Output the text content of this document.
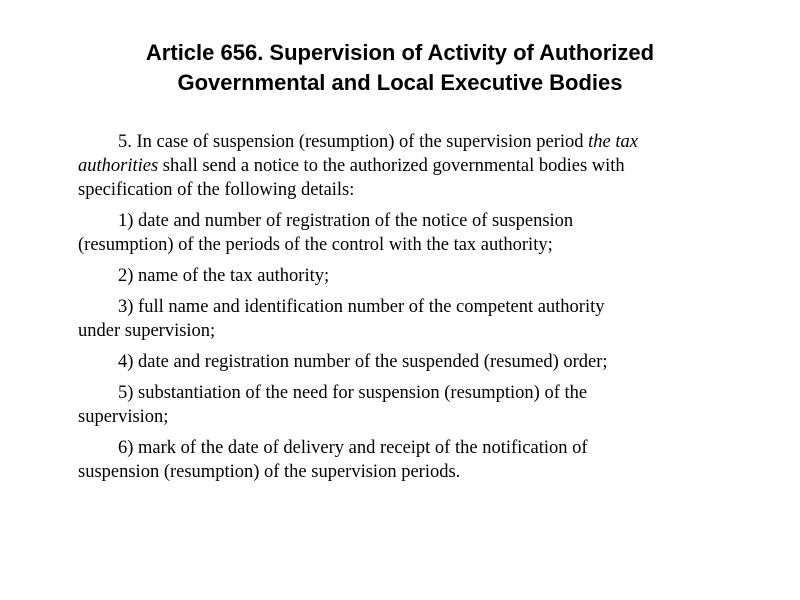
Article 656. Supervision of Activity of Authorized
Governmental and Local Executive Bodies

5. In case of suspension (resumption) of the supervision period the tax
authorities shall send a notice to the authorized governmental bodies with
specification of the following details:

1) date and number of registration of the notice of suspension
(resumption) of the periods of the control with the tax authority;

2) name of the tax authority;

3) full name and identification number of the competent authority
under supervision;

4) date and registration number of the suspended (resumed) order;

5) substantiation of the need for suspension (resumption) of the
supervision;

6) mark of the date of delivery and receipt of the notification of
suspension (resumption) of the supervision periods.
